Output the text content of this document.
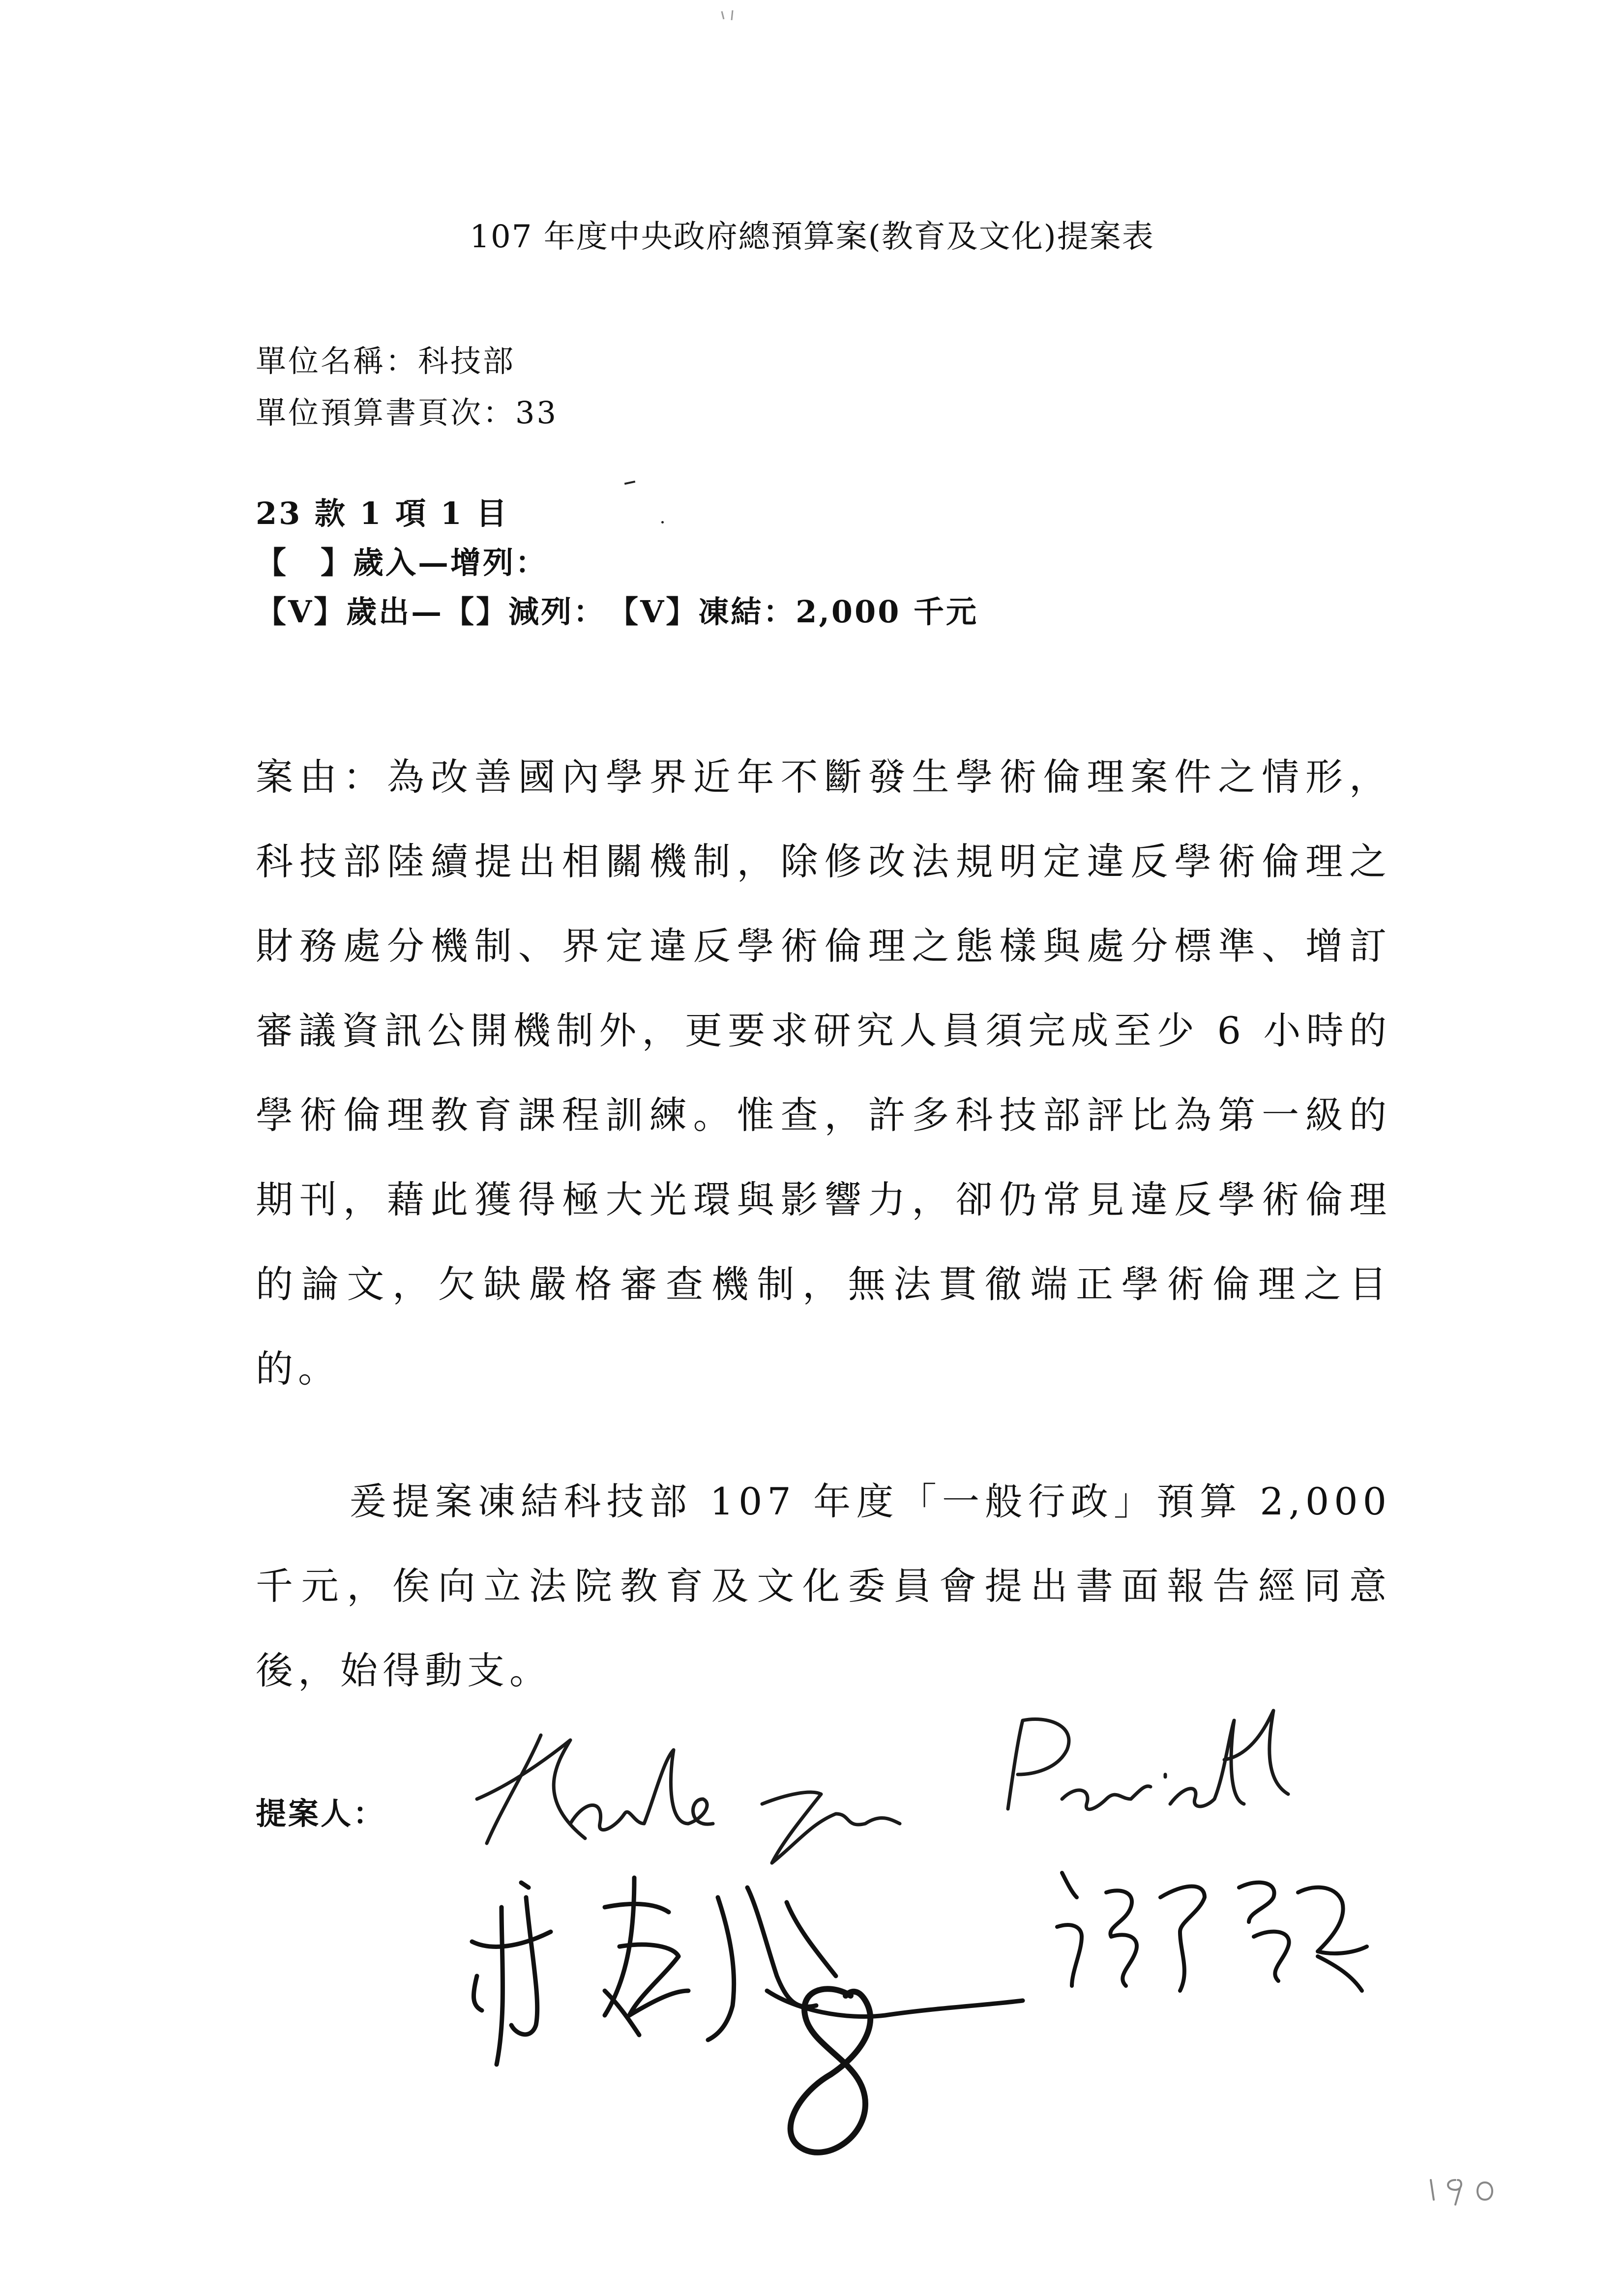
107 年度中央政府總預算案(教育及文化)提案表
單位名稱：科技部
單位預算書頁次：33
23 款 1 項 1 目
【　】歲入—增列：
【V】歲出—【】減列：　【V】凍結：2,000 千元

案由：為改善國內學界近年不斷發生學術倫理案件之情形，科技部陸續提出相關機制，除修改法規明定違反學術倫理之財務處分機制、界定違反學術倫理之態樣與處分標準、增訂審議資訊公開機制外，更要求研究人員須完成至少 6 小時的學術倫理教育課程訓練。惟查，許多科技部評比為第一級的期刊，藉此獲得極大光環與影響力，卻仍常見違反學術倫理的論文，欠缺嚴格審查機制，無法貫徹端正學術倫理之目的。

爰提案凍結科技部 107 年度「一般行政」預算 2,000 千元，俟向立法院教育及文化委員會提出書面報告經同意後，始得動支。

提案人：
